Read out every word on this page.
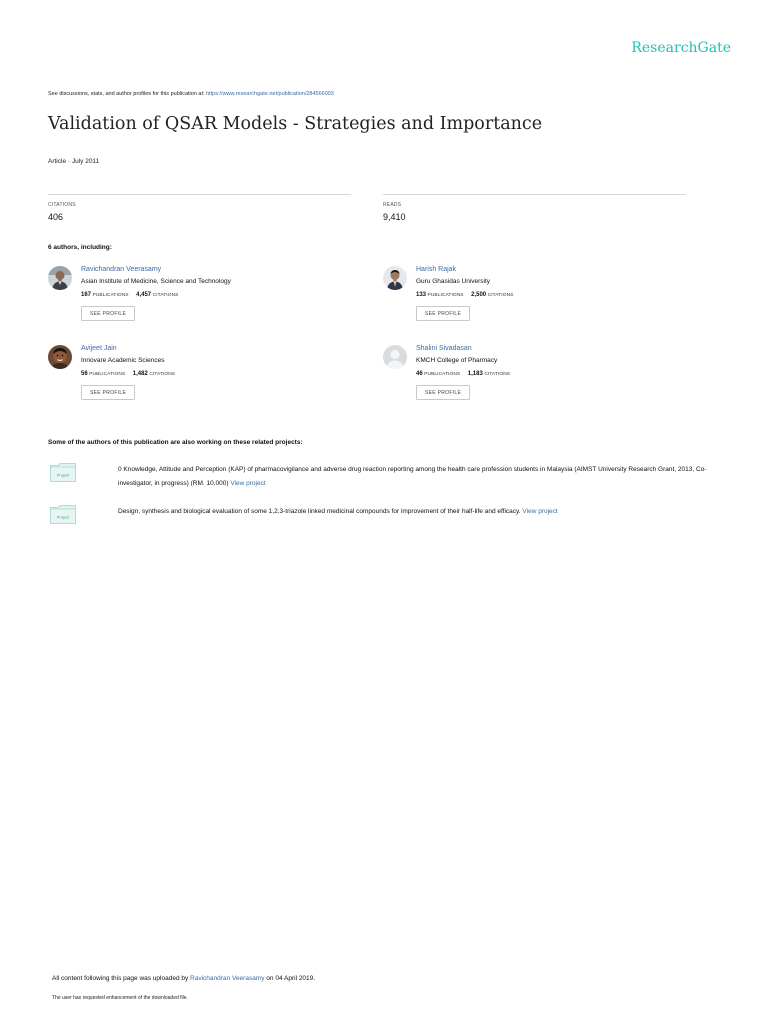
ResearchGate
See discussions, stats, and author profiles for this publication at: https://www.researchgate.net/publication/284566093
Validation of QSAR Models - Strategies and Importance
Article · July 2011
CITATIONS
406
READS
9,410
6 authors, including:
Ravichandran Veerasamy
Asian Institute of Medicine, Science and Technology
167 PUBLICATIONS 4,457 CITATIONS
SEE PROFILE
Harish Rajak
Guru Ghasidas University
133 PUBLICATIONS 2,500 CITATIONS
SEE PROFILE
Avijeet Jain
Innovare Academic Sciences
56 PUBLICATIONS 1,482 CITATIONS
SEE PROFILE
Shalini Sivadasan
KMCH College of Pharmacy
46 PUBLICATIONS 1,183 CITATIONS
SEE PROFILE
Some of the authors of this publication are also working on these related projects:
Project
0 Knowledge, Attitude and Perception (KAP) of pharmacovigilance and adverse drug reaction reporting among the health care profession students in Malaysia (AIMST University Research Grant, 2013, Co-investigator, in progress) (RM. 10,000) View project
Project
Design, synthesis and biological evaluation of some 1,2,3-triazole linked medicinal compounds for improvement of their half-life and efficacy. View project
All content following this page was uploaded by Ravichandran Veerasamy on 04 April 2019.
The user has requested enhancement of the downloaded file.
